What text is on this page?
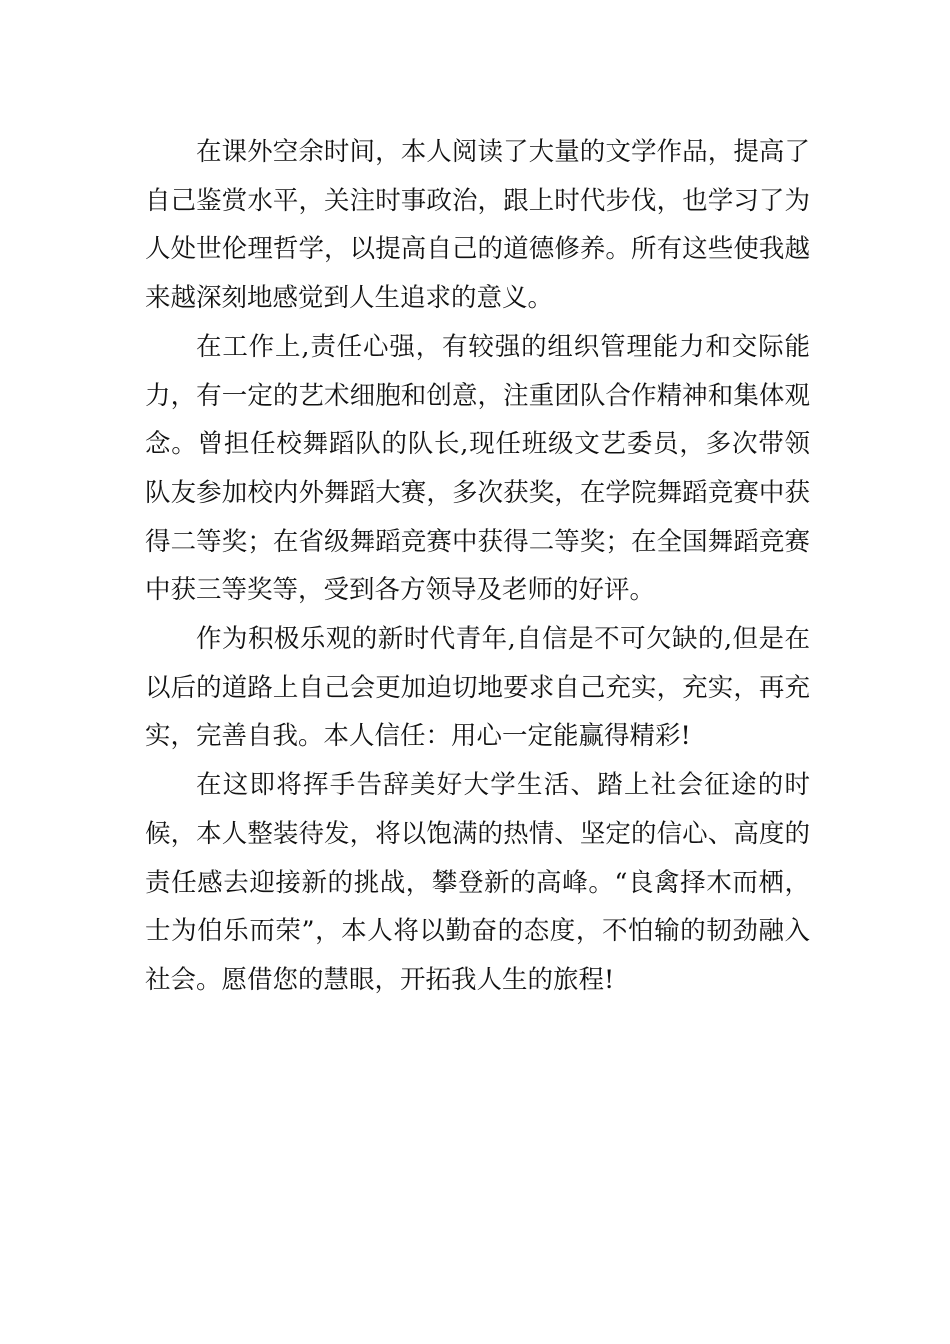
在课外空余时间，本人阅读了大量的文学作品，提高了自己鉴赏水平，关注时事政治，跟上时代步伐，也学习了为人处世伦理哲学，以提高自己的道德修养。所有这些使我越来越深刻地感觉到人生追求的意义。

在工作上,责任心强，有较强的组织管理能力和交际能力，有一定的艺术细胞和创意，注重团队合作精神和集体观念。曾担任校舞蹈队的队长,现任班级文艺委员，多次带领队友参加校内外舞蹈大赛，多次获奖，在学院舞蹈竞赛中获得二等奖；在省级舞蹈竞赛中获得二等奖；在全国舞蹈竞赛中获三等奖等，受到各方领导及老师的好评。

作为积极乐观的新时代青年,自信是不可欠缺的,但是在以后的道路上自己会更加迫切地要求自己充实，充实，再充实，完善自我。本人信任：用心一定能赢得精彩!

在这即将挥手告辞美好大学生活、踏上社会征途的时候，本人整装待发，将以饱满的热情、坚定的信心、高度的责任感去迎接新的挑战，攀登新的高峰。“良禽择木而栖，士为伯乐而荣”，本人将以勤奋的态度，不怕输的韧劲融入社会。愿借您的慧眼，开拓我人生的旅程!
